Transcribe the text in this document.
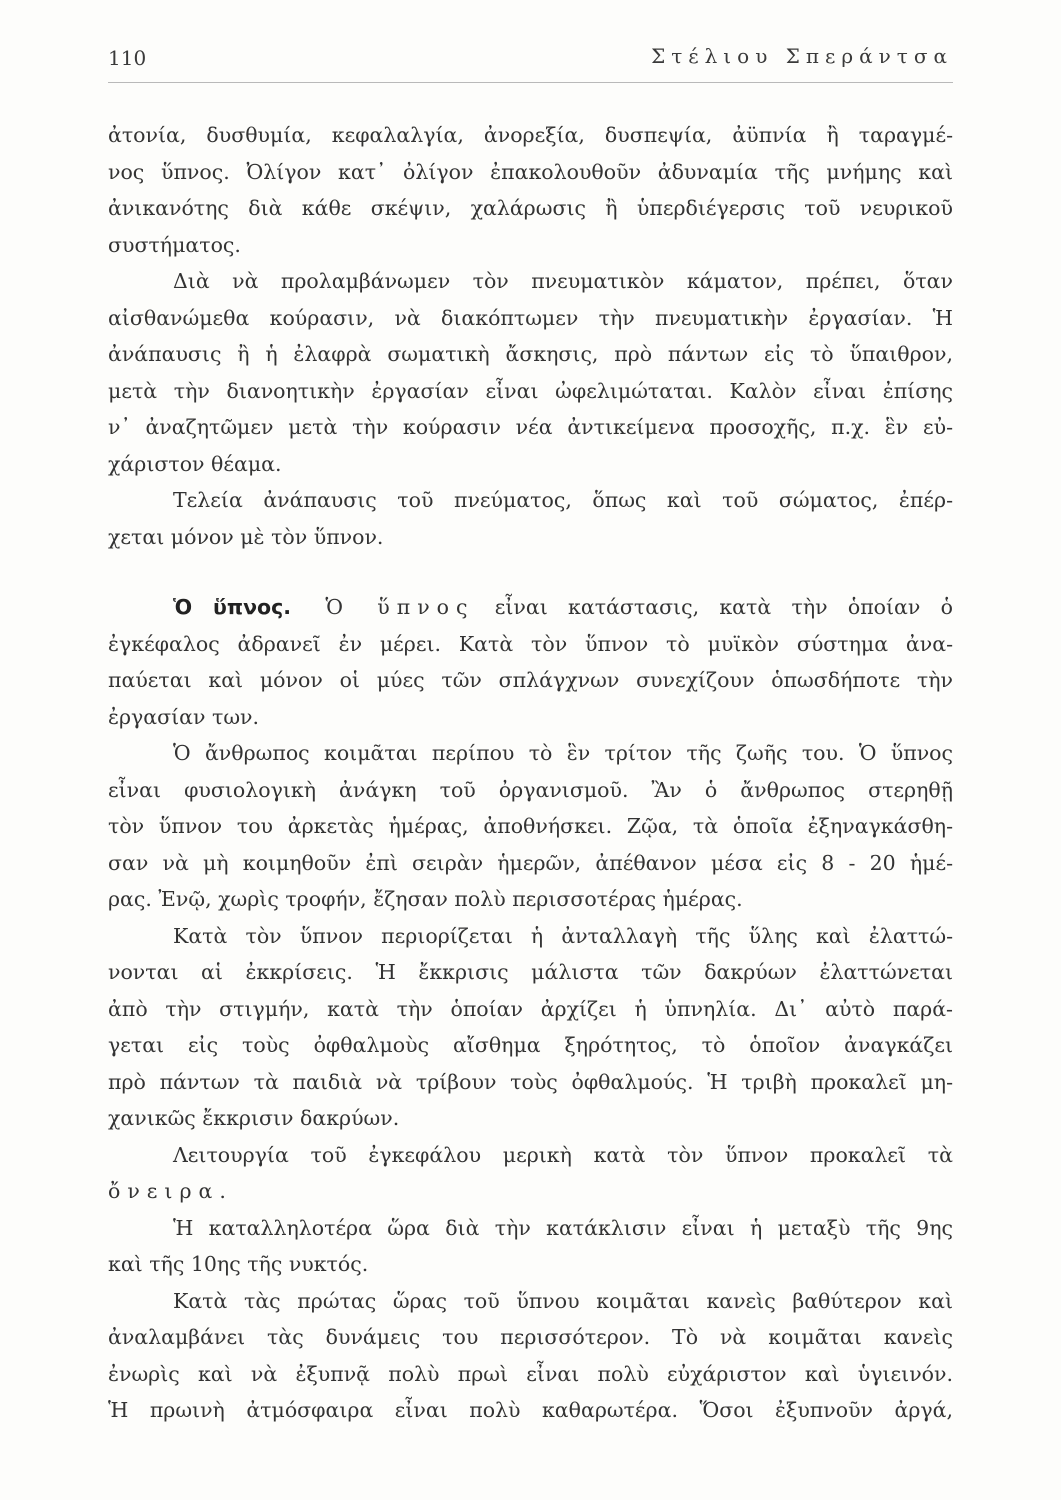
110	Στέλιου Σπεράντσα
ἀτονία, δυσθυμία, κεφαλαλγία, ἀνορεξία, δυσπεψία, ἀϋπνία ἢ ταραγμέ-
νος ὕπνος. Ὀλίγον κατ᾽ ὀλίγον ἐπακολουθοῦν ἀδυναμία τῆς μνήμης καὶ
ἀνικανότης διὰ κάθε σκέψιν, χαλάρωσις ἢ ὑπερδιέγερσις τοῦ νευρικοῦ
συστήματος.
Διὰ νὰ προλαμβάνωμεν τὸν πνευματικὸν κάματον, πρέπει, ὅταν
αἰσθανώμεθα κούρασιν, νὰ διακόπτωμεν τὴν πνευματικὴν ἐργασίαν. Ἡ
ἀνάπαυσις ἢ ἡ ἐλαφρὰ σωματικὴ ἄσκησις, πρὸ πάντων εἰς τὸ ὕπαιθρον,
μετὰ τὴν διανοητικὴν ἐργασίαν εἶναι ὠφελιμώταται. Καλὸν εἶναι ἐπίσης
ν᾽ ἀναζητῶμεν μετὰ τὴν κούρασιν νέα ἀντικείμενα προσοχῆς, π.χ. ἓν εὐ-
χάριστον θέαμα.
Τελεία ἀνάπαυσις τοῦ πνεύματος, ὅπως καὶ τοῦ σώματος, ἐπέρ-
χεται μόνον μὲ τὸν ὕπνον.
Ὁ ὕπνος. Ὁ ὕπνος εἶναι κατάστασις, κατὰ τὴν ὁποίαν ὁ
ἐγκέφαλος ἀδρανεῖ ἐν μέρει. Κατὰ τὸν ὕπνον τὸ μυϊκὸν σύστημα ἀνα-
παύεται καὶ μόνον οἱ μύες τῶν σπλάγχνων συνεχίζουν ὁπωσδήποτε τὴν
ἐργασίαν των.
Ὁ ἄνθρωπος κοιμᾶται περίπου τὸ ἓν τρίτον τῆς ζωῆς του. Ὁ ὕπνος
εἶναι φυσιολογικὴ ἀνάγκη τοῦ ὀργανισμοῦ. Ἂν ὁ ἄνθρωπος στερηθῇ
τὸν ὕπνον του ἀρκετὰς ἡμέρας, ἀποθνήσκει. Ζῷα, τὰ ὁποῖα ἐξηναγκάσθη-
σαν νὰ μὴ κοιμηθοῦν ἐπὶ σειρὰν ἡμερῶν, ἀπέθανον μέσα εἰς 8 - 20 ἡμέ-
ρας. Ἐνῷ, χωρὶς τροφήν, ἔζησαν πολὺ περισσοτέρας ἡμέρας.
Κατὰ τὸν ὕπνον περιορίζεται ἡ ἀνταλλαγὴ τῆς ὕλης καὶ ἐλαττώ-
νονται αἱ ἐκκρίσεις. Ἡ ἔκκρισις μάλιστα τῶν δακρύων ἐλαττώνεται
ἀπὸ τὴν στιγμήν, κατὰ τὴν ὁποίαν ἀρχίζει ἡ ὑπνηλία. Δι᾽ αὐτὸ παρά-
γεται εἰς τοὺς ὀφθαλμοὺς αἴσθημα ξηρότητος, τὸ ὁποῖον ἀναγκάζει
πρὸ πάντων τὰ παιδιὰ νὰ τρίβουν τοὺς ὀφθαλμούς. Ἡ τριβὴ προκαλεῖ μη-
χανικῶς ἔκκρισιν δακρύων.
Λειτουργία τοῦ ἐγκεφάλου μερικὴ κατὰ τὸν ὕπνον προκαλεῖ τὰ
ὄνειρα.
Ἡ καταλληλοτέρα ὥρα διὰ τὴν κατάκλισιν εἶναι ἡ μεταξὺ τῆς 9ης
καὶ τῆς 10ης τῆς νυκτός.
Κατὰ τὰς πρώτας ὥρας τοῦ ὕπνου κοιμᾶται κανεὶς βαθύτερον καὶ
ἀναλαμβάνει τὰς δυνάμεις του περισσότερον. Τὸ νὰ κοιμᾶται κανεὶς
ἐνωρὶς καὶ νὰ ἐξυπνᾷ πολὺ πρωὶ εἶναι πολὺ εὐχάριστον καὶ ὑγιεινόν.
Ἡ πρωινὴ ἀτμόσφαιρα εἶναι πολὺ καθαρωτέρα. Ὅσοι ἐξυπνοῦν ἀργά,
